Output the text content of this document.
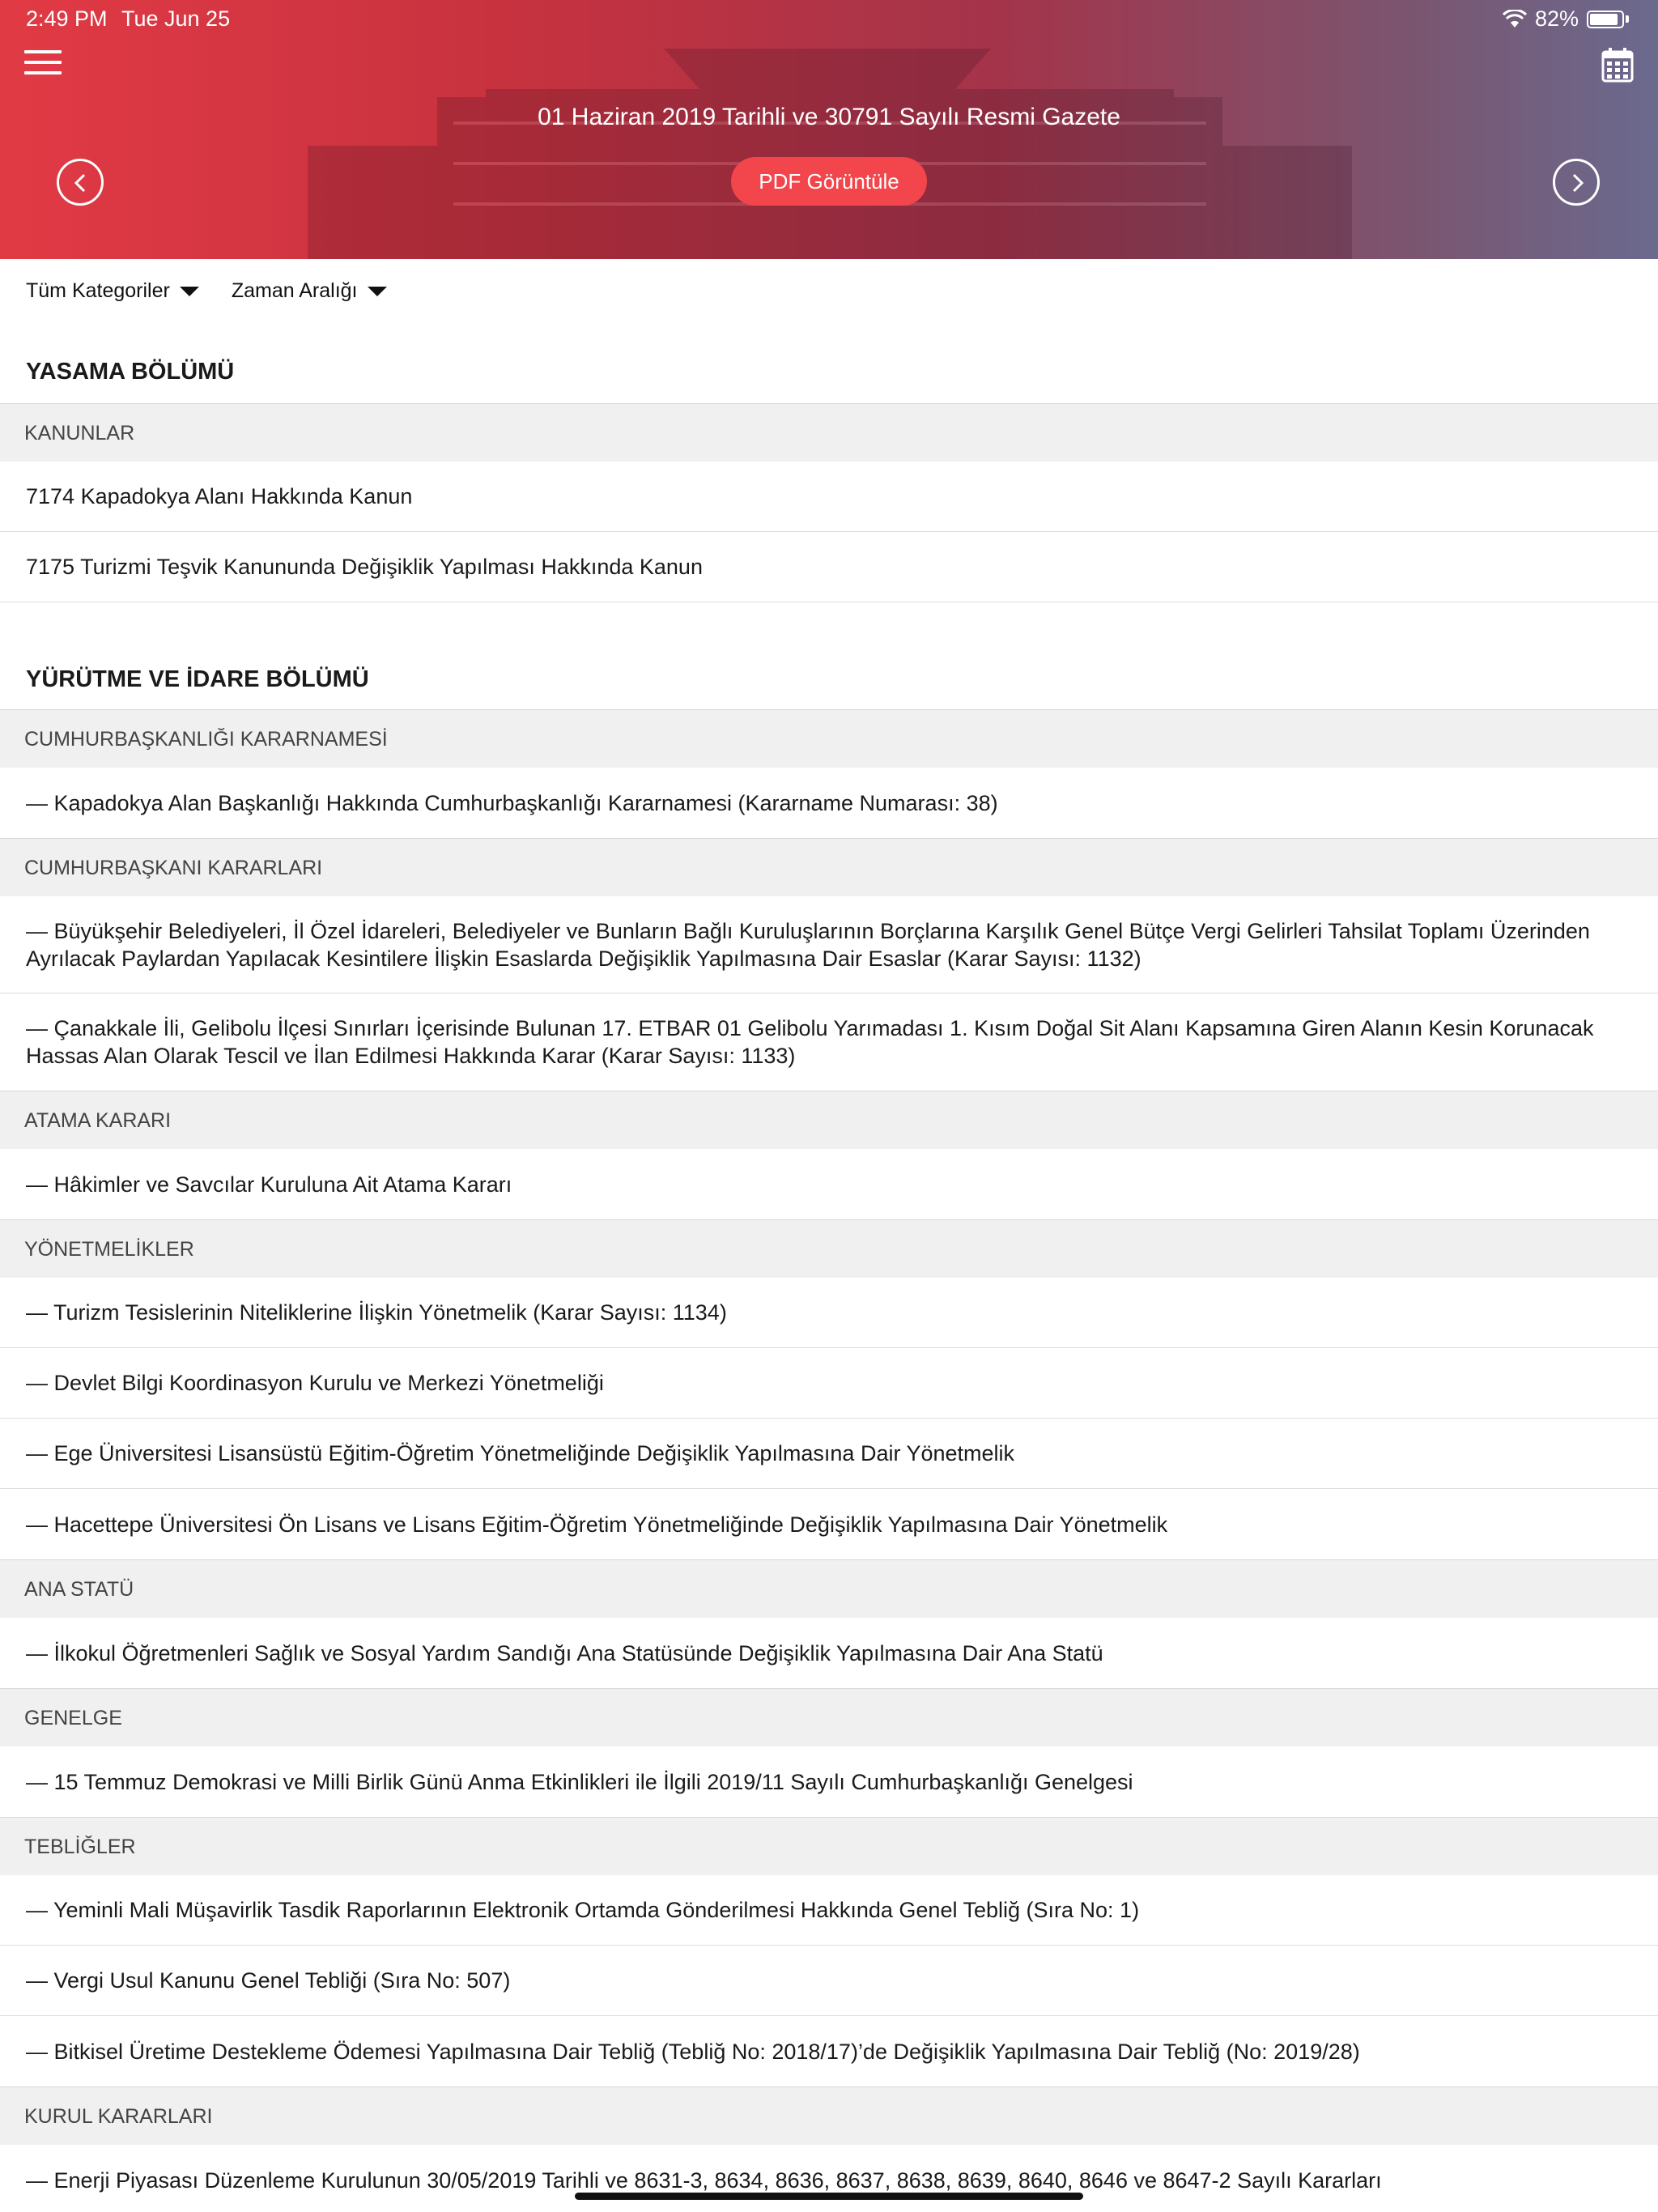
2:49 PM Tue Jun 25	82%
01 Haziran 2019 Tarihli ve 30791 Sayılı Resmi Gazete
PDF Görüntüle
Tüm Kategoriler	Zaman Aralığı
YASAMA BÖLÜMÜ
KANUNLAR
7174 Kapadokya Alanı Hakkında Kanun
7175 Turizmi Teşvik Kanununda Değişiklik Yapılması Hakkında Kanun
YÜRÜTME VE İDARE BÖLÜMÜ
CUMHURBAŞKANLIĞI KARARNAMESİ
— Kapadokya Alan Başkanlığı Hakkında Cumhurbaşkanlığı Kararnamesi (Kararname Numarası: 38)
CUMHURBAŞKANI KARARLARI
— Büyükşehir Belediyeleri, İl Özel İdareleri, Belediyeler ve Bunların Bağlı Kuruluşlarının Borçlarına Karşılık Genel Bütçe Vergi Gelirleri Tahsilat Toplamı Üzerinden Ayrılacak Paylardan Yapılacak Kesintilere İlişkin Esaslarda Değişiklik Yapılmasına Dair Esaslar (Karar Sayısı: 1132)
— Çanakkale İli, Gelibolu İlçesi Sınırları İçerisinde Bulunan 17. ETBAR 01 Gelibolu Yarımadası 1. Kısım Doğal Sit Alanı Kapsamına Giren Alanın Kesin Korunacak Hassas Alan Olarak Tescil ve İlan Edilmesi Hakkında Karar (Karar Sayısı: 1133)
ATAMA KARARI
— Hâkimler ve Savcılar Kuruluna Ait Atama Kararı
YÖNETMELİKLER
— Turizm Tesislerinin Niteliklerine İlişkin Yönetmelik (Karar Sayısı: 1134)
— Devlet Bilgi Koordinasyon Kurulu ve Merkezi Yönetmeliği
— Ege Üniversitesi Lisansüstü Eğitim-Öğretim Yönetmeliğinde Değişiklik Yapılmasına Dair Yönetmelik
— Hacettepe Üniversitesi Ön Lisans ve Lisans Eğitim-Öğretim Yönetmeliğinde Değişiklik Yapılmasına Dair Yönetmelik
ANA STATÜ
— İlkokul Öğretmenleri Sağlık ve Sosyal Yardım Sandığı Ana Statüsünde Değişiklik Yapılmasına Dair Ana Statü
GENELGE
— 15 Temmuz Demokrasi ve Milli Birlik Günü Anma Etkinlikleri ile İlgili 2019/11 Sayılı Cumhurbaşkanlığı Genelgesi
TEBLİĞLER
— Yeminli Mali Müşavirlik Tasdik Raporlarının Elektronik Ortamda Gönderilmesi Hakkında Genel Tebliğ (Sıra No: 1)
— Vergi Usul Kanunu Genel Tebliği (Sıra No: 507)
— Bitkisel Üretime Destekleme Ödemesi Yapılmasına Dair Tebliğ (Tebliğ No: 2018/17)’de Değişiklik Yapılmasına Dair Tebliğ (No: 2019/28)
KURUL KARARLARI
— Enerji Piyasası Düzenleme Kurulunun 30/05/2019 Tarihli ve 8631-3, 8634, 8636, 8637, 8638, 8639, 8640, 8646 ve 8647-2 Sayılı Kararları
